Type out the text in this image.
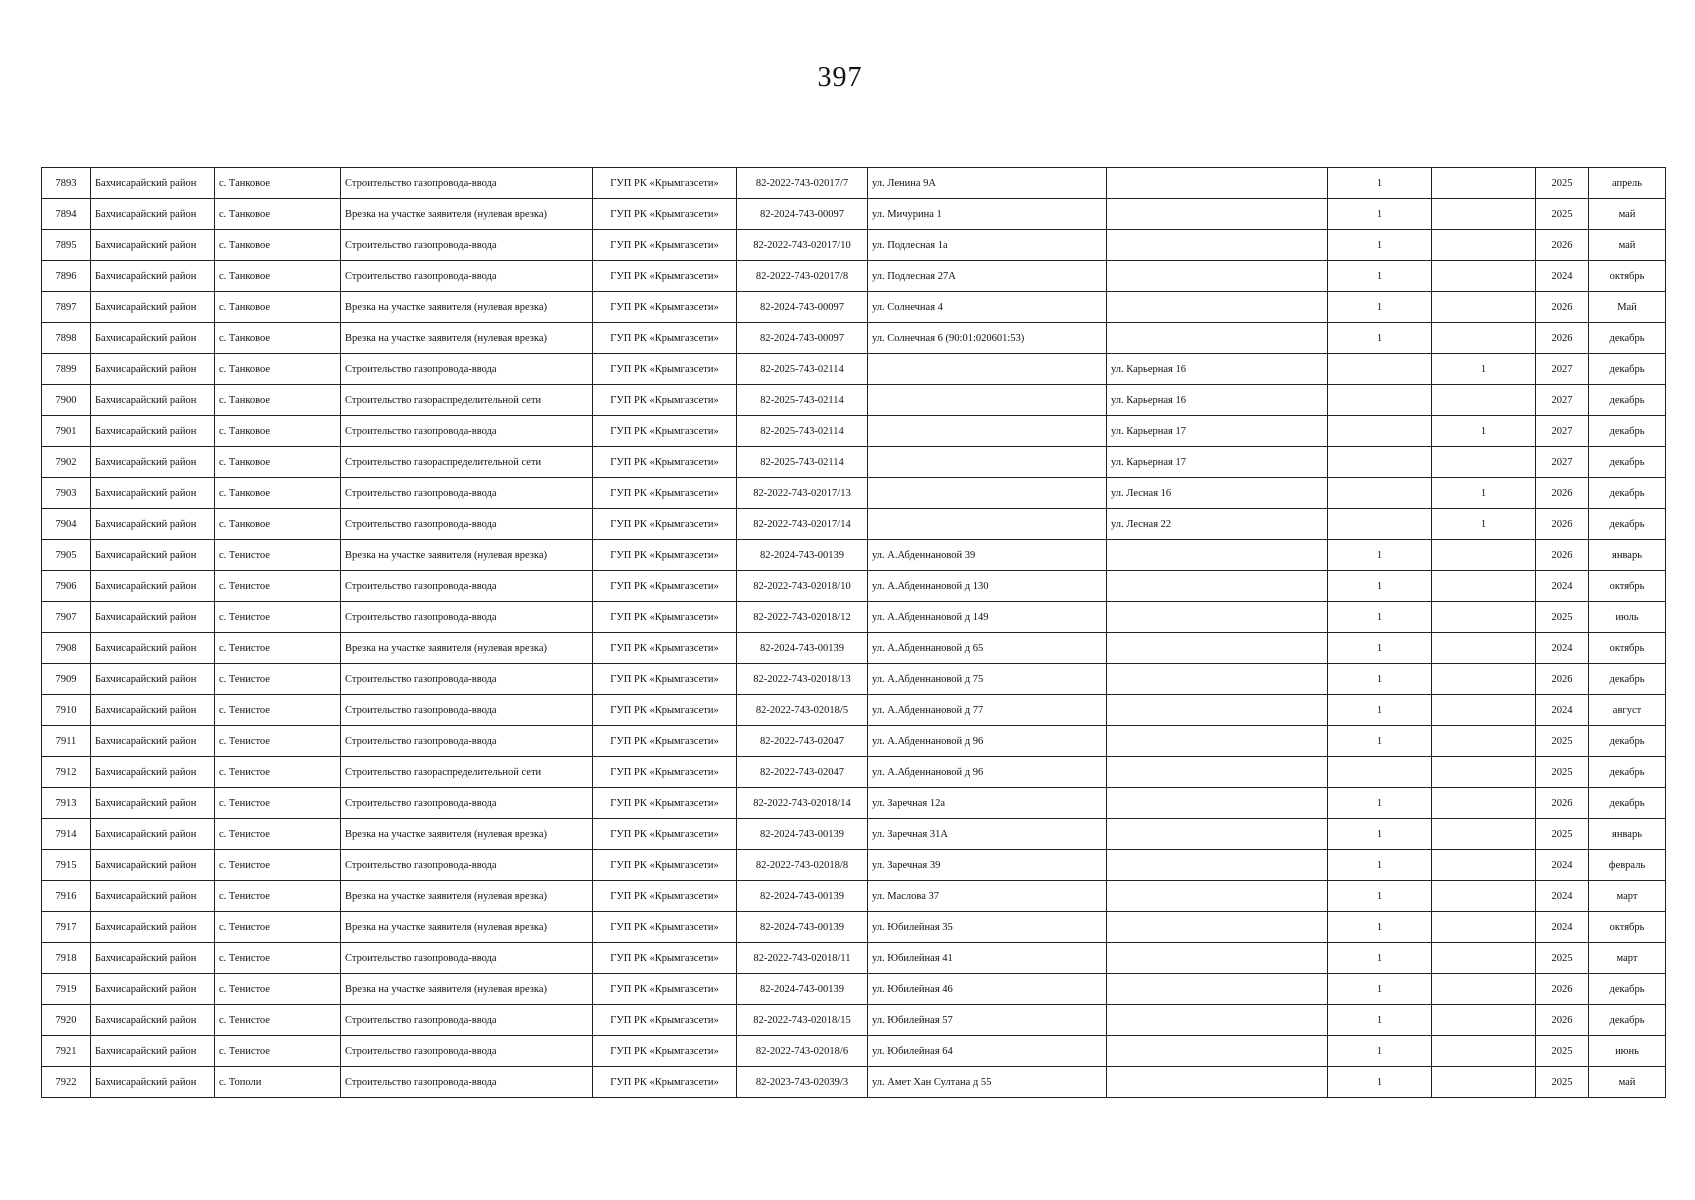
397
7893	Бахчисарайский район	с. Танковое	Строительство газопровода-ввода	ГУП РК «Крымгазсети»	82-2022-743-02017/7	ул. Ленина 9А		1		2025	апрель
7894	Бахчисарайский район	с. Танковое	Врезка на участке заявителя (нулевая врезка)	ГУП РК «Крымгазсети»	82-2024-743-00097	ул. Мичурина 1		1		2025	май
7895	Бахчисарайский район	с. Танковое	Строительство газопровода-ввода	ГУП РК «Крымгазсети»	82-2022-743-02017/10	ул. Подлесная 1а		1		2026	май
7896	Бахчисарайский район	с. Танковое	Строительство газопровода-ввода	ГУП РК «Крымгазсети»	82-2022-743-02017/8	ул. Подлесная 27А		1		2024	октябрь
7897	Бахчисарайский район	с. Танковое	Врезка на участке заявителя (нулевая врезка)	ГУП РК «Крымгазсети»	82-2024-743-00097	ул. Солнечная 4		1		2026	Май
7898	Бахчисарайский район	с. Танковое	Врезка на участке заявителя (нулевая врезка)	ГУП РК «Крымгазсети»	82-2024-743-00097	ул. Солнечная 6 (90:01:020601:53)		1		2026	декабрь
7899	Бахчисарайский район	с. Танковое	Строительство газопровода-ввода	ГУП РК «Крымгазсети»	82-2025-743-02114		ул. Карьерная 16		1	2027	декабрь
7900	Бахчисарайский район	с. Танковое	Строительство газораспределительной сети	ГУП РК «Крымгазсети»	82-2025-743-02114		ул. Карьерная 16			2027	декабрь
7901	Бахчисарайский район	с. Танковое	Строительство газопровода-ввода	ГУП РК «Крымгазсети»	82-2025-743-02114		ул. Карьерная 17		1	2027	декабрь
7902	Бахчисарайский район	с. Танковое	Строительство газораспределительной сети	ГУП РК «Крымгазсети»	82-2025-743-02114		ул. Карьерная 17			2027	декабрь
7903	Бахчисарайский район	с. Танковое	Строительство газопровода-ввода	ГУП РК «Крымгазсети»	82-2022-743-02017/13		ул. Лесная 16		1	2026	декабрь
7904	Бахчисарайский район	с. Танковое	Строительство газопровода-ввода	ГУП РК «Крымгазсети»	82-2022-743-02017/14		ул. Лесная 22		1	2026	декабрь
7905	Бахчисарайский район	с. Тенистое	Врезка на участке заявителя (нулевая врезка)	ГУП РК «Крымгазсети»	82-2024-743-00139	ул. А.Абденнановой 39		1		2026	январь
7906	Бахчисарайский район	с. Тенистое	Строительство газопровода-ввода	ГУП РК «Крымгазсети»	82-2022-743-02018/10	ул. А.Абденнановой д 130		1		2024	октябрь
7907	Бахчисарайский район	с. Тенистое	Строительство газопровода-ввода	ГУП РК «Крымгазсети»	82-2022-743-02018/12	ул. А.Абденнановой д 149		1		2025	июль
7908	Бахчисарайский район	с. Тенистое	Врезка на участке заявителя (нулевая врезка)	ГУП РК «Крымгазсети»	82-2024-743-00139	ул. А.Абденнановой д 65		1		2024	октябрь
7909	Бахчисарайский район	с. Тенистое	Строительство газопровода-ввода	ГУП РК «Крымгазсети»	82-2022-743-02018/13	ул. А.Абденнановой д 75		1		2026	декабрь
7910	Бахчисарайский район	с. Тенистое	Строительство газопровода-ввода	ГУП РК «Крымгазсети»	82-2022-743-02018/5	ул. А.Абденнановой д 77		1		2024	август
7911	Бахчисарайский район	с. Тенистое	Строительство газопровода-ввода	ГУП РК «Крымгазсети»	82-2022-743-02047	ул. А.Абденнановой д 96		1		2025	декабрь
7912	Бахчисарайский район	с. Тенистое	Строительство газораспределительной сети	ГУП РК «Крымгазсети»	82-2022-743-02047	ул. А.Абденнановой д 96				2025	декабрь
7913	Бахчисарайский район	с. Тенистое	Строительство газопровода-ввода	ГУП РК «Крымгазсети»	82-2022-743-02018/14	ул. Заречная 12а		1		2026	декабрь
7914	Бахчисарайский район	с. Тенистое	Врезка на участке заявителя (нулевая врезка)	ГУП РК «Крымгазсети»	82-2024-743-00139	ул. Заречная 31А		1		2025	январь
7915	Бахчисарайский район	с. Тенистое	Строительство газопровода-ввода	ГУП РК «Крымгазсети»	82-2022-743-02018/8	ул. Заречная 39		1		2024	февраль
7916	Бахчисарайский район	с. Тенистое	Врезка на участке заявителя (нулевая врезка)	ГУП РК «Крымгазсети»	82-2024-743-00139	ул. Маслова 37		1		2024	март
7917	Бахчисарайский район	с. Тенистое	Врезка на участке заявителя (нулевая врезка)	ГУП РК «Крымгазсети»	82-2024-743-00139	ул. Юбилейная 35		1		2024	октябрь
7918	Бахчисарайский район	с. Тенистое	Строительство газопровода-ввода	ГУП РК «Крымгазсети»	82-2022-743-02018/11	ул. Юбилейная 41		1		2025	март
7919	Бахчисарайский район	с. Тенистое	Врезка на участке заявителя (нулевая врезка)	ГУП РК «Крымгазсети»	82-2024-743-00139	ул. Юбилейная 46		1		2026	декабрь
7920	Бахчисарайский район	с. Тенистое	Строительство газопровода-ввода	ГУП РК «Крымгазсети»	82-2022-743-02018/15	ул. Юбилейная 57		1		2026	декабрь
7921	Бахчисарайский район	с. Тенистое	Строительство газопровода-ввода	ГУП РК «Крымгазсети»	82-2022-743-02018/6	ул. Юбилейная 64		1		2025	июнь
7922	Бахчисарайский район	с. Тополи	Строительство газопровода-ввода	ГУП РК «Крымгазсети»	82-2023-743-02039/3	ул. Амет Хан Султана д 55		1		2025	май
